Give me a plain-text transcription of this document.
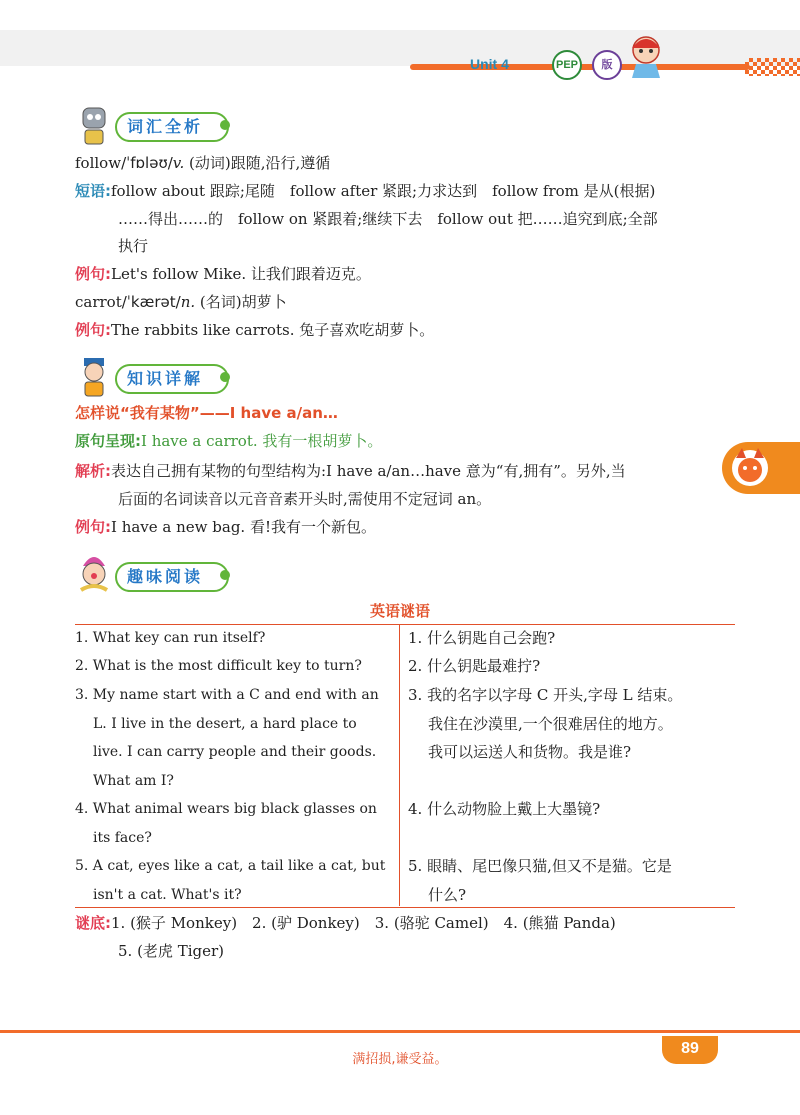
Unit 4	PEP	版
词汇全析
follow/ˈfɒləʊ/v. (动词)跟随,沿行,遵循
短语:follow about 跟踪;尾随　follow after 紧跟;力求达到　follow from 是从(根据)
……得出……的　follow on 紧跟着;继续下去　follow out 把……追究到底;全部
执行
例句:Let's follow Mike. 让我们跟着迈克。
carrot/ˈkærət/n. (名词)胡萝卜
例句:The rabbits like carrots. 兔子喜欢吃胡萝卜。
知识详解
怎样说“我有某物”——I have a/an…
原句呈现:I have a carrot. 我有一根胡萝卜。
解析:表达自己拥有某物的句型结构为:I have a/an…have 意为“有,拥有”。另外,当
后面的名词读音以元音音素开头时,需使用不定冠词 an。
例句:I have a new bag. 看!我有一个新包。
趣味阅读
英语谜语
1. What key can run itself?
2. What is the most difficult key to turn?
3. My name start with a C and end with an
L. I live in the desert, a hard place to
live. I can carry people and their goods.
What am I?
4. What animal wears big black glasses on
its face?
5. A cat, eyes like a cat, a tail like a cat, but
isn't a cat. What's it?
1. 什么钥匙自己会跑?
2. 什么钥匙最难拧?
3. 我的名字以字母 C 开头,字母 L 结束。
我住在沙漠里,一个很难居住的地方。
我可以运送人和货物。我是谁?
4. 什么动物脸上戴上大墨镜?
5. 眼睛、尾巴像只猫,但又不是猫。它是
什么?
谜底:1. (猴子 Monkey)　2. (驴 Donkey)　3. (骆驼 Camel)　4. (熊猫 Panda)
5. (老虎 Tiger)
满招损,谦受益。
89
